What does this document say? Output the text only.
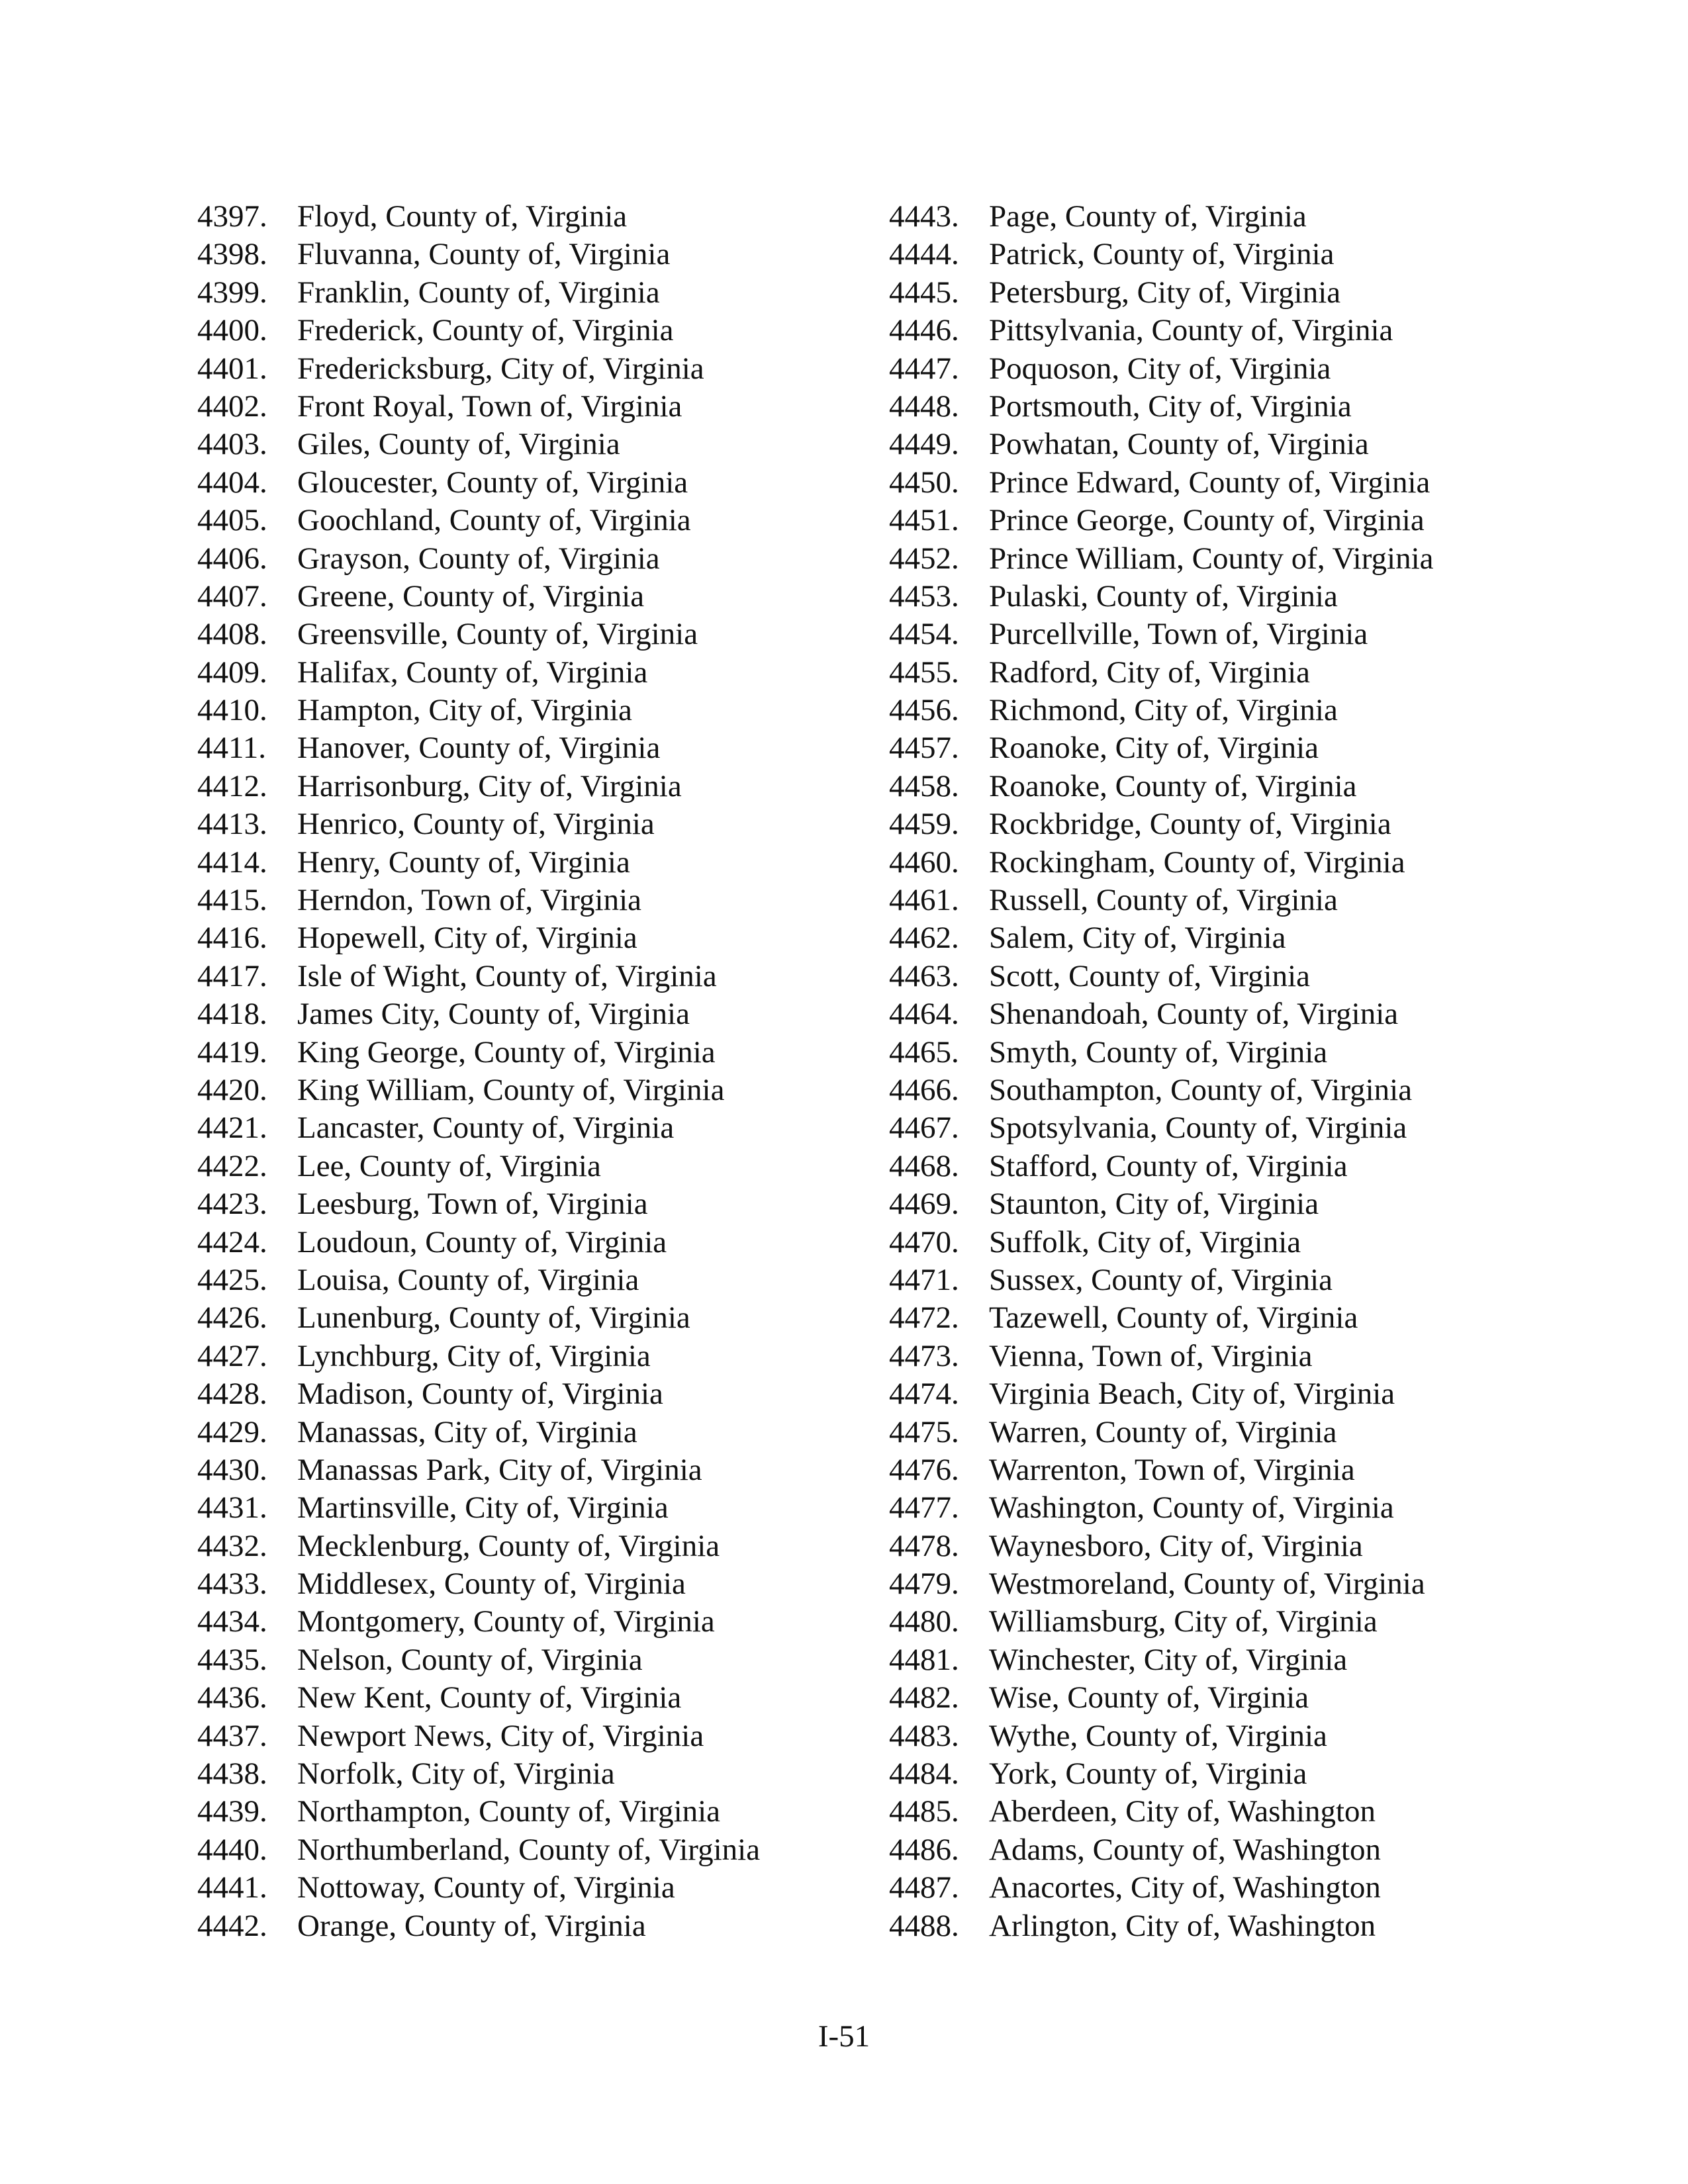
4397. Floyd, County of, Virginia
4398. Fluvanna, County of, Virginia
4399. Franklin, County of, Virginia
4400. Frederick, County of, Virginia
4401. Fredericksburg, City of, Virginia
4402. Front Royal, Town of, Virginia
4403. Giles, County of, Virginia
4404. Gloucester, County of, Virginia
4405. Goochland, County of, Virginia
4406. Grayson, County of, Virginia
4407. Greene, County of, Virginia
4408. Greensville, County of, Virginia
4409. Halifax, County of, Virginia
4410. Hampton, City of, Virginia
4411. Hanover, County of, Virginia
4412. Harrisonburg, City of, Virginia
4413. Henrico, County of, Virginia
4414. Henry, County of, Virginia
4415. Herndon, Town of, Virginia
4416. Hopewell, City of, Virginia
4417. Isle of Wight, County of, Virginia
4418. James City, County of, Virginia
4419. King George, County of, Virginia
4420. King William, County of, Virginia
4421. Lancaster, County of, Virginia
4422. Lee, County of, Virginia
4423. Leesburg, Town of, Virginia
4424. Loudoun, County of, Virginia
4425. Louisa, County of, Virginia
4426. Lunenburg, County of, Virginia
4427. Lynchburg, City of, Virginia
4428. Madison, County of, Virginia
4429. Manassas, City of, Virginia
4430. Manassas Park, City of, Virginia
4431. Martinsville, City of, Virginia
4432. Mecklenburg, County of, Virginia
4433. Middlesex, County of, Virginia
4434. Montgomery, County of, Virginia
4435. Nelson, County of, Virginia
4436. New Kent, County of, Virginia
4437. Newport News, City of, Virginia
4438. Norfolk, City of, Virginia
4439. Northampton, County of, Virginia
4440. Northumberland, County of, Virginia
4441. Nottoway, County of, Virginia
4442. Orange, County of, Virginia
4443. Page, County of, Virginia
4444. Patrick, County of, Virginia
4445. Petersburg, City of, Virginia
4446. Pittsylvania, County of, Virginia
4447. Poquoson, City of, Virginia
4448. Portsmouth, City of, Virginia
4449. Powhatan, County of, Virginia
4450. Prince Edward, County of, Virginia
4451. Prince George, County of, Virginia
4452. Prince William, County of, Virginia
4453. Pulaski, County of, Virginia
4454. Purcellville, Town of, Virginia
4455. Radford, City of, Virginia
4456. Richmond, City of, Virginia
4457. Roanoke, City of, Virginia
4458. Roanoke, County of, Virginia
4459. Rockbridge, County of, Virginia
4460. Rockingham, County of, Virginia
4461. Russell, County of, Virginia
4462. Salem, City of, Virginia
4463. Scott, County of, Virginia
4464. Shenandoah, County of, Virginia
4465. Smyth, County of, Virginia
4466. Southampton, County of, Virginia
4467. Spotsylvania, County of, Virginia
4468. Stafford, County of, Virginia
4469. Staunton, City of, Virginia
4470. Suffolk, City of, Virginia
4471. Sussex, County of, Virginia
4472. Tazewell, County of, Virginia
4473. Vienna, Town of, Virginia
4474. Virginia Beach, City of, Virginia
4475. Warren, County of, Virginia
4476. Warrenton, Town of, Virginia
4477. Washington, County of, Virginia
4478. Waynesboro, City of, Virginia
4479. Westmoreland, County of, Virginia
4480. Williamsburg, City of, Virginia
4481. Winchester, City of, Virginia
4482. Wise, County of, Virginia
4483. Wythe, County of, Virginia
4484. York, County of, Virginia
4485. Aberdeen, City of, Washington
4486. Adams, County of, Washington
4487. Anacortes, City of, Washington
4488. Arlington, City of, Washington
I-51
